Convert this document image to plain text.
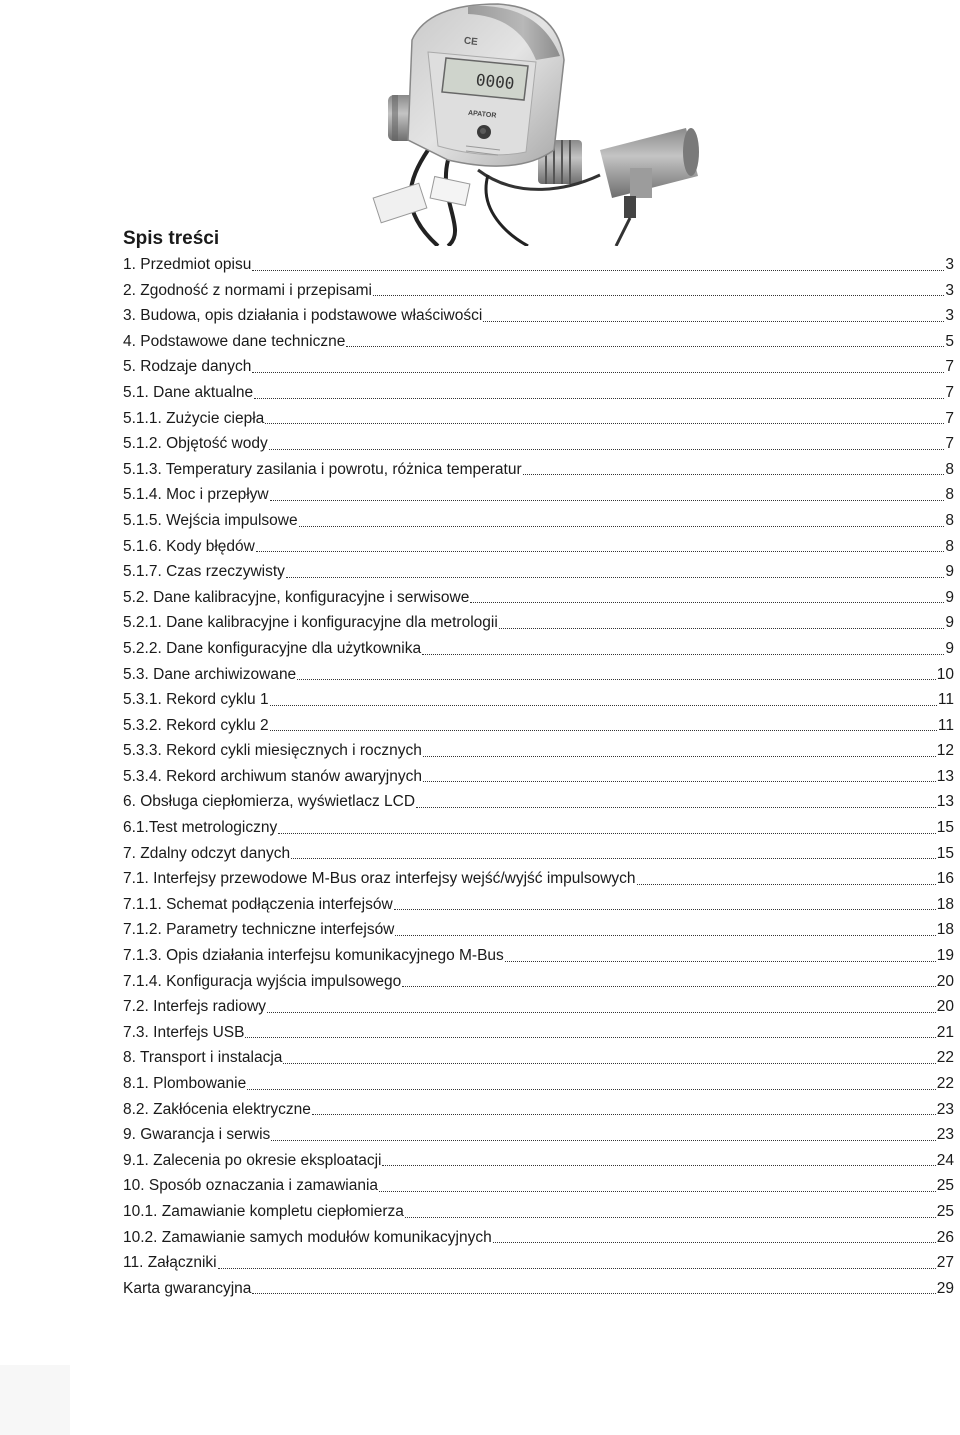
0000
CE
APATOR
Spis treści
1. Przedmiot opisu	3
2. Zgodność z normami i przepisami	3
3. Budowa, opis działania i podstawowe właściwości	3
4. Podstawowe dane techniczne	5
5. Rodzaje danych	7
5.1. Dane aktualne	7
5.1.1. Zużycie ciepła	7
5.1.2. Objętość wody	7
5.1.3. Temperatury zasilania i powrotu, różnica temperatur	8
5.1.4. Moc i przepływ	8
5.1.5. Wejścia impulsowe	8
5.1.6. Kody błędów	8
5.1.7. Czas rzeczywisty	9
5.2. Dane kalibracyjne, konfiguracyjne i serwisowe	9
5.2.1. Dane kalibracyjne i konfiguracyjne dla metrologii	9
5.2.2. Dane konfiguracyjne dla użytkownika	9
5.3. Dane archiwizowane	10
5.3.1. Rekord cyklu 1	11
5.3.2. Rekord cyklu 2	11
5.3.3. Rekord cykli miesięcznych i rocznych	12
5.3.4. Rekord archiwum stanów awaryjnych	13
6. Obsługa ciepłomierza, wyświetlacz LCD	13
6.1.Test metrologiczny	15
7. Zdalny odczyt danych	15
7.1. Interfejsy przewodowe M-Bus oraz interfejsy wejść/wyjść impulsowych	16
7.1.1. Schemat podłączenia interfejsów	18
7.1.2. Parametry techniczne interfejsów	18
7.1.3. Opis działania interfejsu komunikacyjnego M-Bus	19
7.1.4. Konfiguracja wyjścia impulsowego	20
7.2. Interfejs radiowy	20
7.3. Interfejs USB	21
8. Transport i instalacja	22
8.1. Plombowanie	22
8.2. Zakłócenia elektryczne	23
9. Gwarancja i serwis	23
9.1. Zalecenia po okresie eksploatacji	24
10. Sposób oznaczania i zamawiania	25
10.1. Zamawianie kompletu ciepłomierza	25
10.2. Zamawianie samych modułów komunikacyjnych	26
11. Załączniki	27
Karta gwarancyjna	29
